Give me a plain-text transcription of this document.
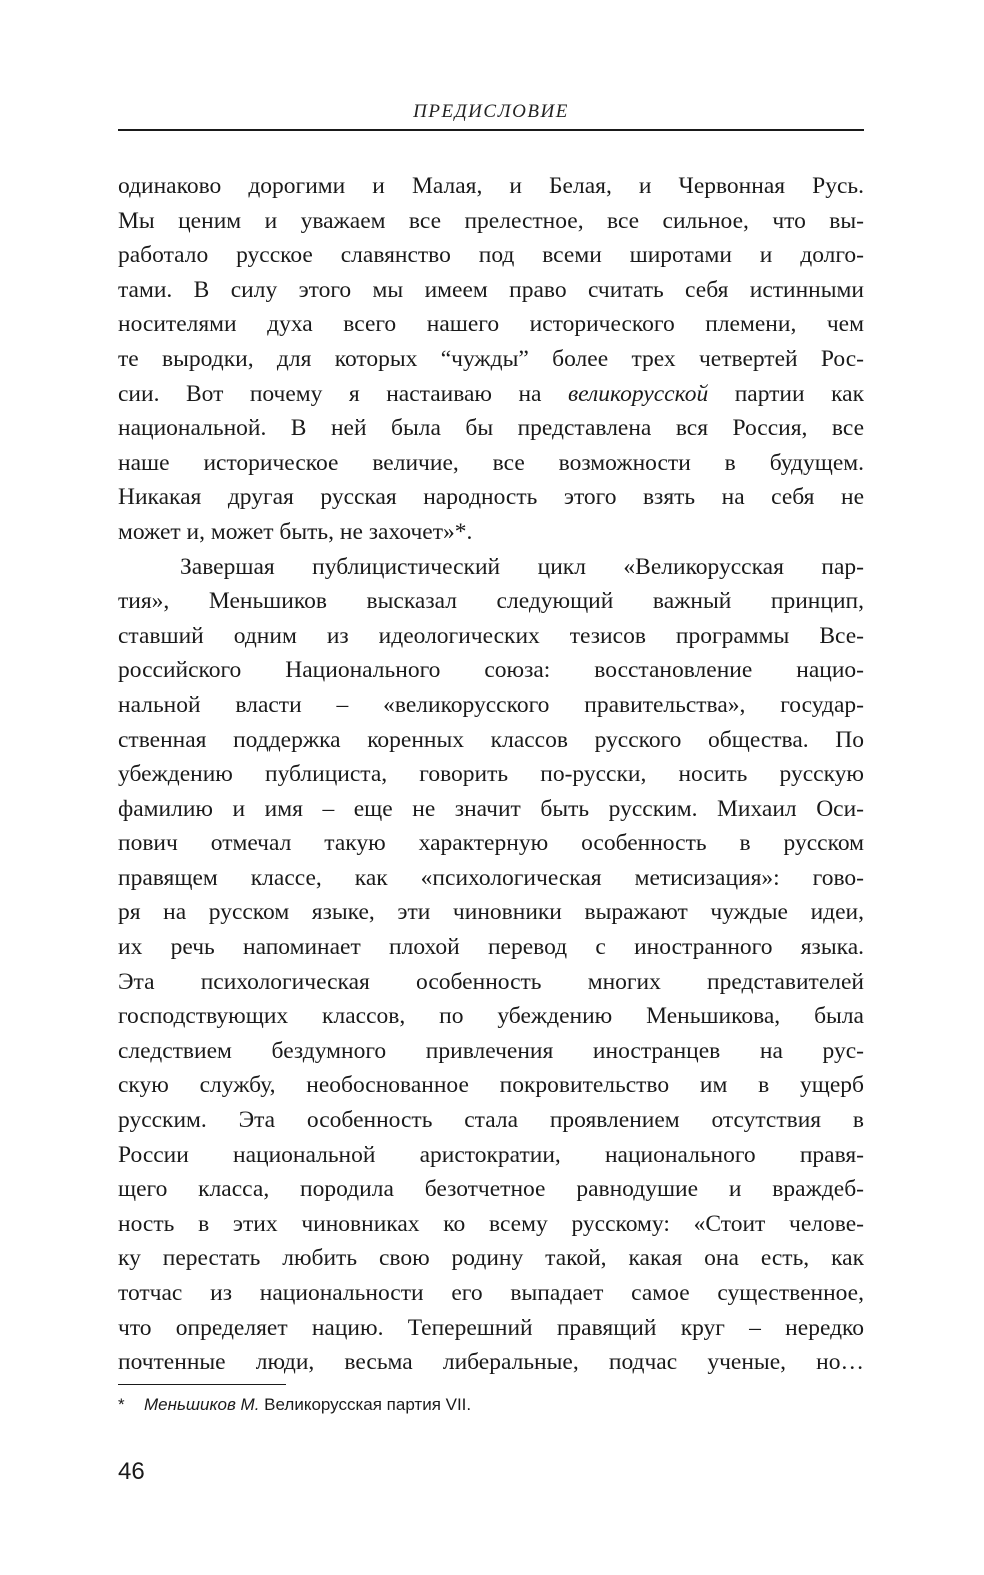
ПРЕДИСЛОВИЕ
одинаково дорогими и Малая, и Белая, и Червонная Русь.
Мы ценим и уважаем все прелестное, все сильное, что вы-
работало русское славянство под всеми широтами и долго-
тами. В силу этого мы имеем право считать себя истинными
носителями духа всего нашего исторического племени, чем
те выродки, для которых “чужды” более трех четвертей Рос-
сии. Вот почему я настаиваю на великорусской партии как
национальной. В ней была бы представлена вся Россия, все
наше историческое величие, все возможности в будущем.
Никакая другая русская народность этого взять на себя не
может и, может быть, не захочет»*.
Завершая публицистический цикл «Великорусская пар-
тия», Меньшиков высказал следующий важный принцип,
ставший одним из идеологических тезисов программы Все-
российского Национального союза: восстановление нацио-
нальной власти – «великорусского правительства», государ-
ственная поддержка коренных классов русского общества. По
убеждению публициста, говорить по-русски, носить русскую
фамилию и имя – еще не значит быть русским. Михаил Оси-
пович отмечал такую характерную особенность в русском
правящем классе, как «психологическая метисизация»: гово-
ря на русском языке, эти чиновники выражают чуждые идеи,
их речь напоминает плохой перевод с иностранного языка.
Эта психологическая особенность многих представителей
господствующих классов, по убеждению Меньшикова, была
следствием бездумного привлечения иностранцев на рус-
скую службу, необоснованное покровительство им в ущерб
русским. Эта особенность стала проявлением отсутствия в
России национальной аристократии, национального правя-
щего класса, породила безотчетное равнодушие и враждеб-
ность в этих чиновниках ко всему русскому: «Стоит челове-
ку перестать любить свою родину такой, какая она есть, как
тотчас из национальности его выпадает самое существенное,
что определяет нацию. Теперешний правящий круг – нередко
почтенные люди, весьма либеральные, подчас ученые, но…
* Меньшиков М. Великорусская партия VII.
46
